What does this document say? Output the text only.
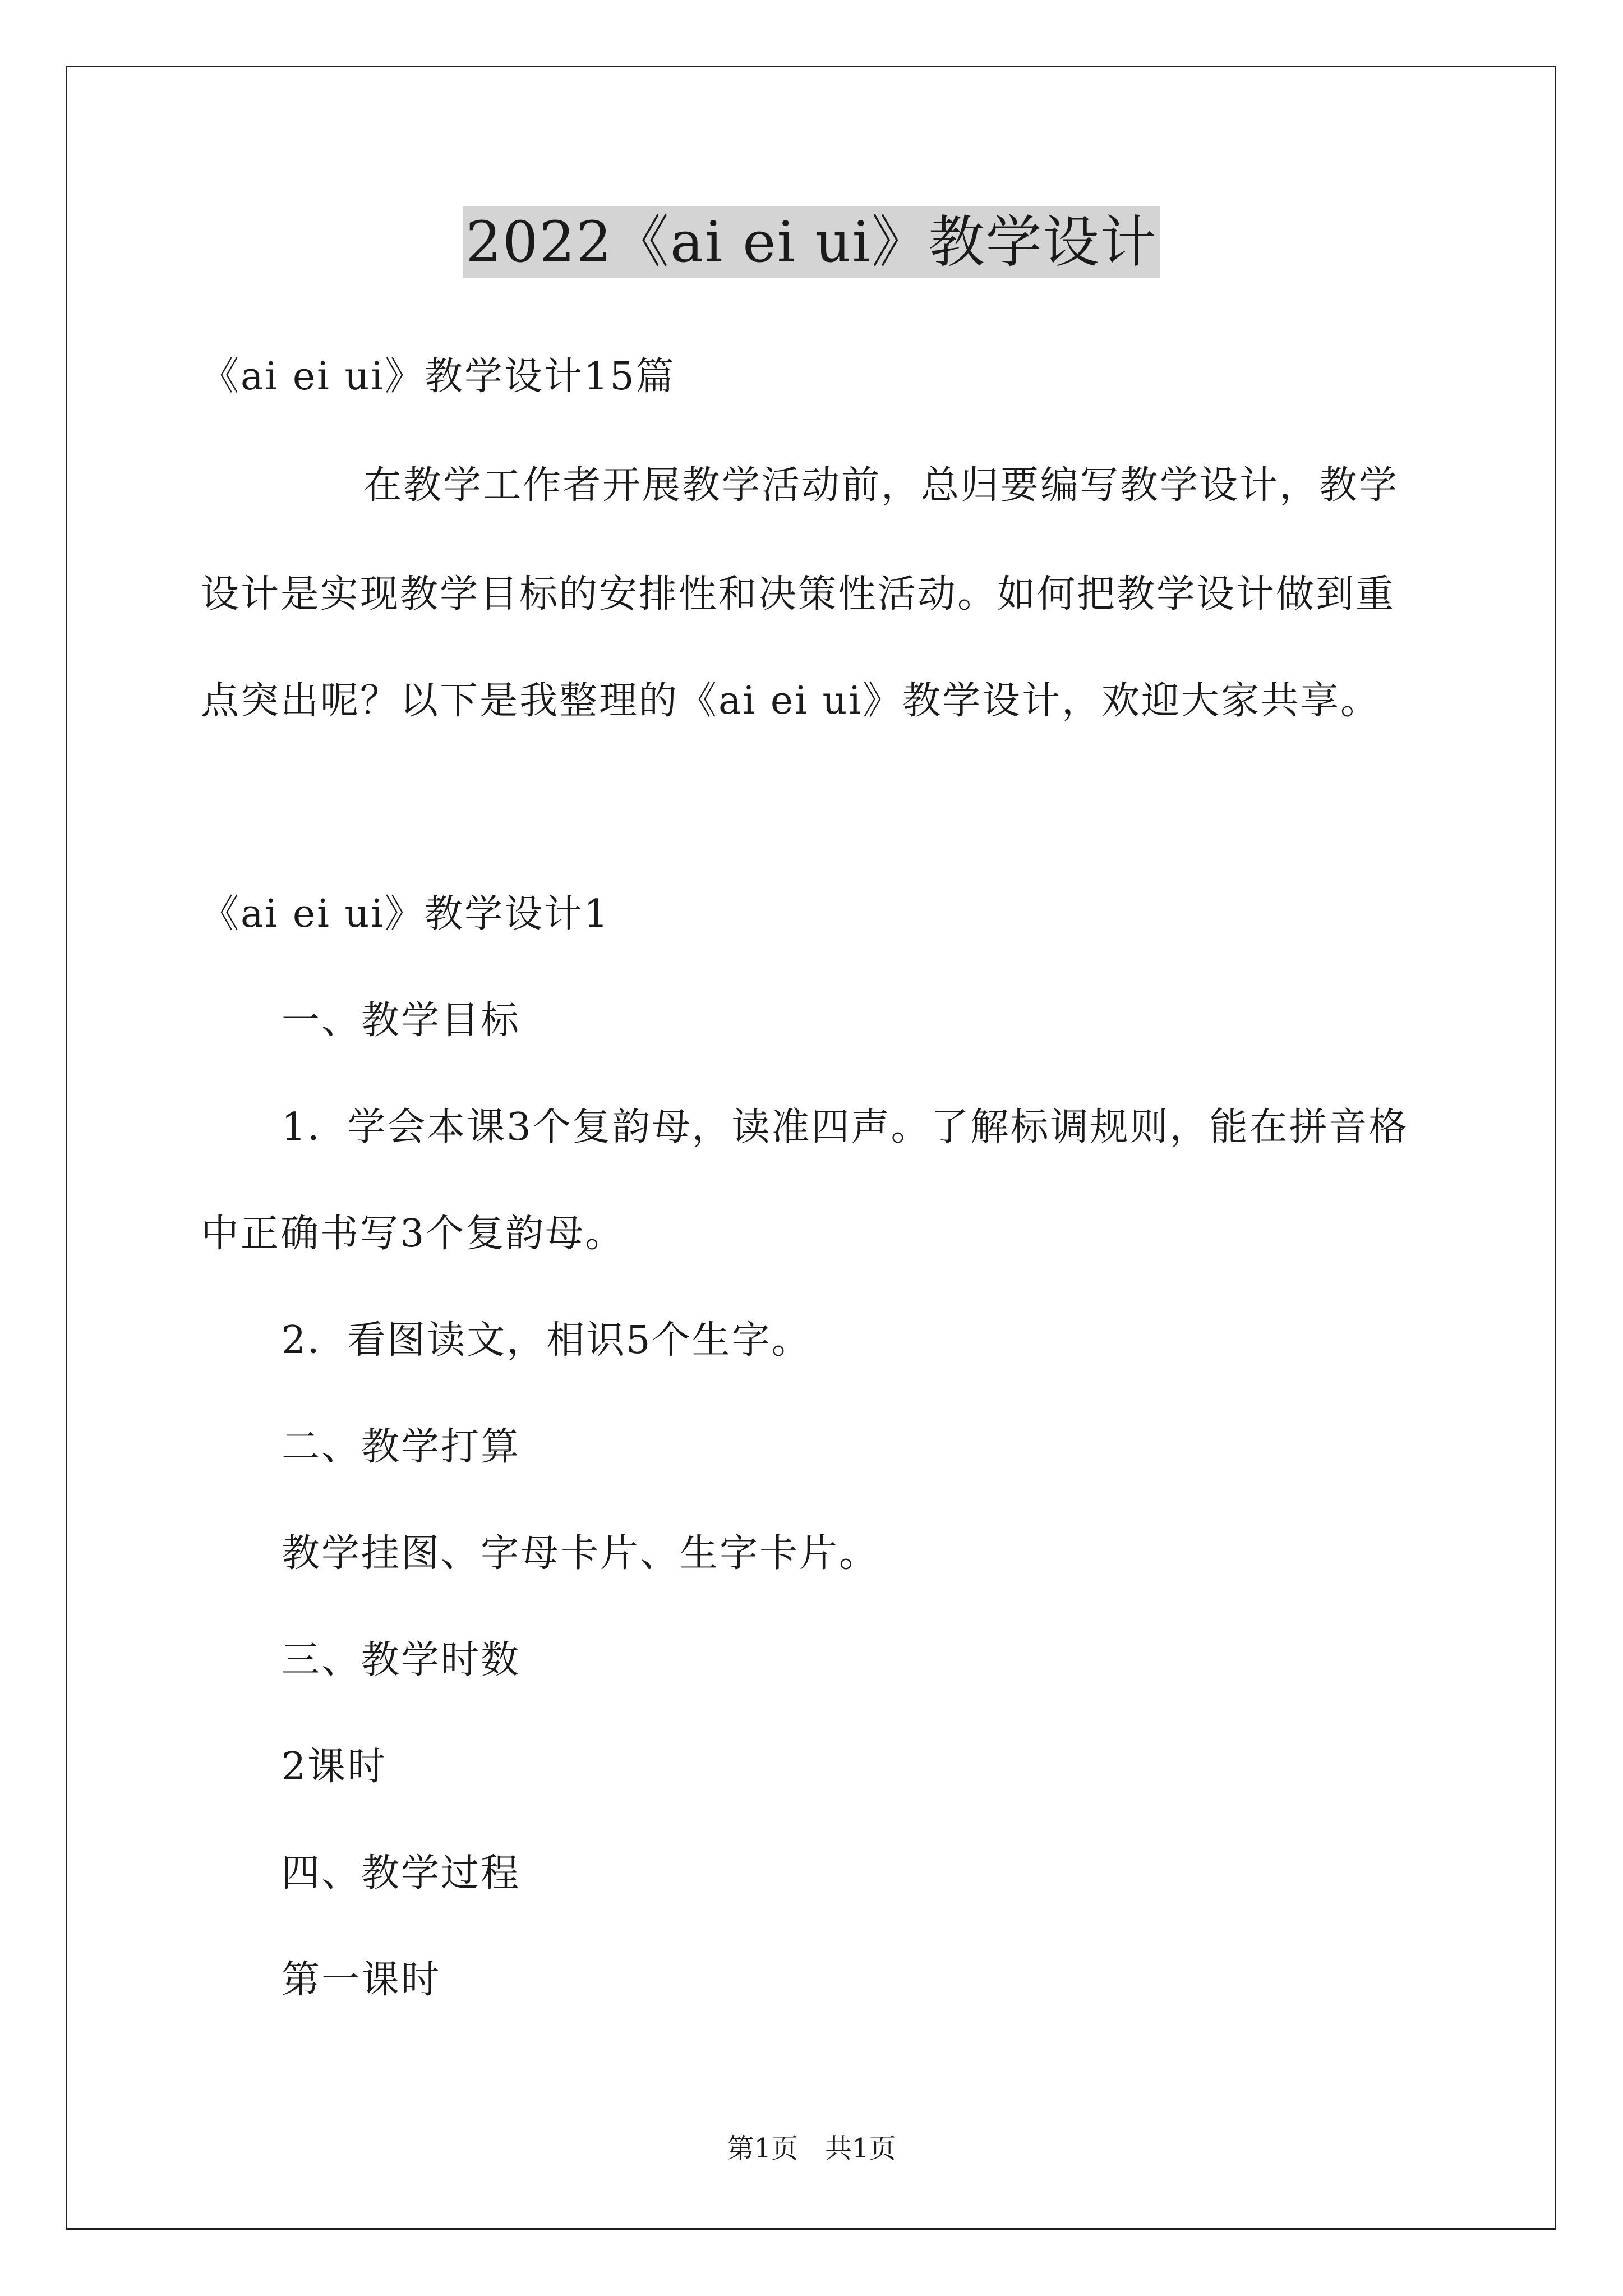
2022《ai ei ui》教学设计
《ai ei ui》教学设计15篇
在教学工作者开展教学活动前，总归要编写教学设计，教学
设计是实现教学目标的安排性和决策性活动。如何把教学设计做到重
点突出呢？以下是我整理的《ai ei ui》教学设计，欢迎大家共享。
《ai ei ui》教学设计1
一、教学目标
1．学会本课3个复韵母，读准四声。了解标调规则，能在拼音格
中正确书写3个复韵母。
2．看图读文，相识5个生字。
二、教学打算
教学挂图、字母卡片、生字卡片。
三、教学时数
2课时
四、教学过程
第一课时
第1页　共1页
